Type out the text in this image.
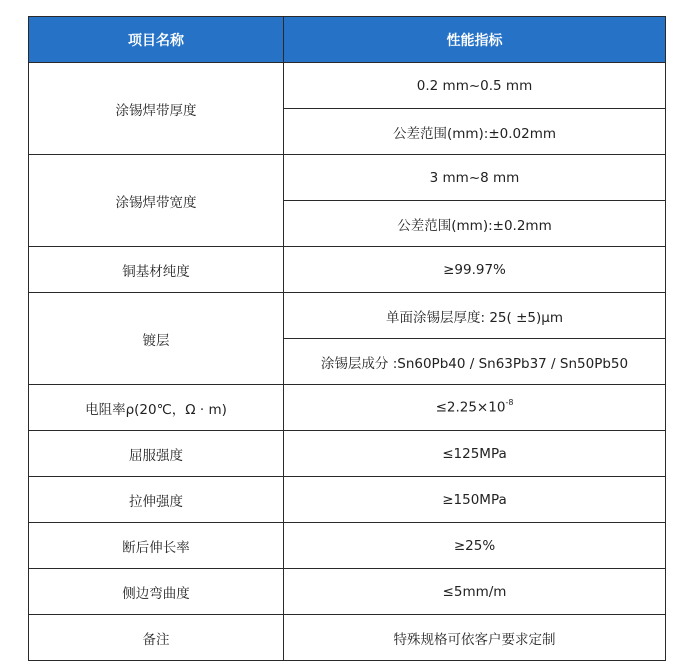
项目名称	性能指标
涂锡焊带厚度	0.2 mm~0.5 mm
	公差范围(mm):±0.02mm
涂锡焊带宽度	3 mm~8 mm
	公差范围(mm):±0.2mm
铜基材纯度	≥99.97%
镀层	单面涂锡层厚度: 25( ±5)μm
	涂锡层成分 :Sn60Pb40 / Sn63Pb37 / Sn50Pb50
电阻率ρ(20℃，Ω · m)	$\le 2.25\times 10^{-8}$
屈服强度	≤125MPa
拉伸强度	≥150MPa
断后伸长率	≥25%
侧边弯曲度	≤5mm/m
备注	特殊规格可依客户要求定制
